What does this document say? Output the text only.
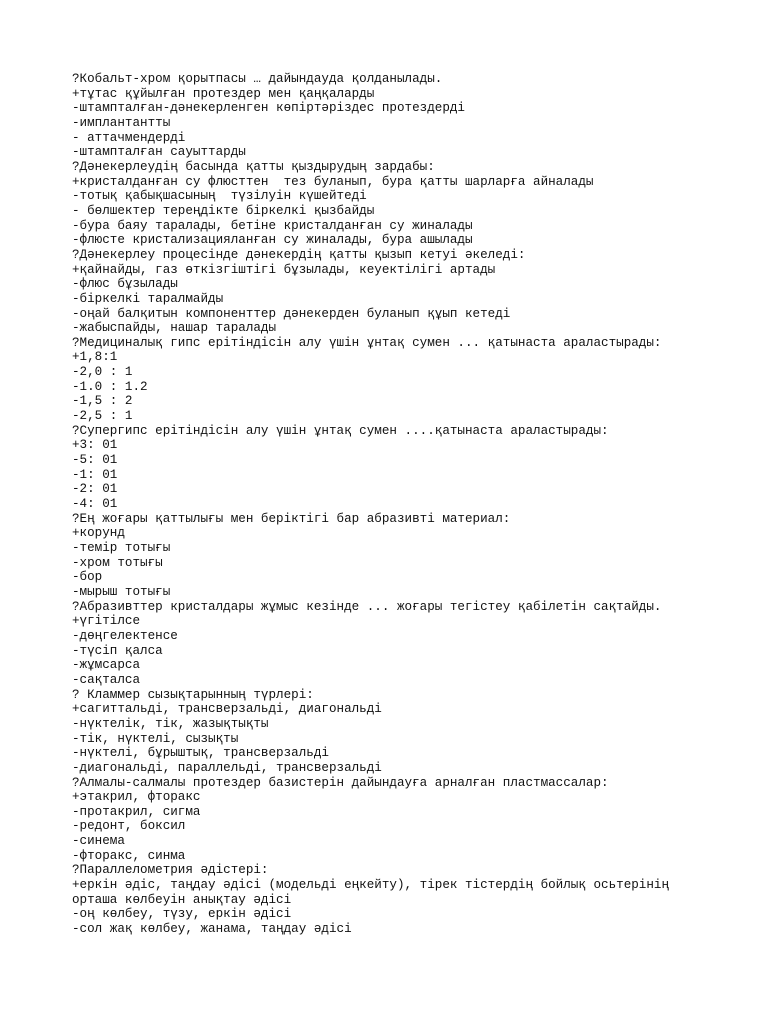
?Кобальт-хром қорытпасы … дайындауда қолданылады.
+тұтас құйылған протездер мен қаңқаларды
-штампталған-дәнекерленген көпіртәріздес протездерді
-имплантантты
- аттачмендерді
-штампталған сауыттарды
?Дәнекерлеудің басында қатты қыздырудың зардабы:
+кристалданған су флюсттен  тез буланып, бура қатты шарларға айналады
-тотық қабықшасының  түзілуін күшейтеді
- бөлшектер тереңдікте біркелкі қызбайды
-бура баяу таралады, бетіне кристалданған су жиналады
-флюсте кристализацияланған су жиналады, бура ашылады
?Дәнекерлеу процесінде дәнекердің қатты қызып кетуі әкеледі:
+қайнайды, газ өткізгіштігі бұзылады, кеуектілігі артады
-флюс бұзылады
-біркелкі таралмайды
-оңай балқитын компоненттер дәнекерден буланып құып кетеді
-жабыспайды, нашар таралады
?Медициналық гипс ерітіндісін алу үшін ұнтақ сумен ... қатынаста араластырады:
+1,8:1
-2,0 : 1
-1.0 : 1.2
-1,5 : 2
-2,5 : 1
?Супергипс ерітіндісін алу үшін ұнтақ сумен ....қатынаста араластырады:
+3: 01
-5: 01
-1: 01
-2: 01
-4: 01
?Ең жоғары қаттылығы мен беріктігі бар абразивті материал:
+корунд
-темір тотығы
-хром тотығы
-бор
-мырыш тотығы
?Абразивттер кристалдары жұмыс кезінде ... жоғары тегістеу қабілетін сақтайды.
+үгітілсе
-дөңгелектенсе
-түсіп қалса
-жұмсарса
-сақталса
? Кламмер сызықтарынның түрлері:
+сагиттальді, трансверзальді, диагональді
-нүктелік, тік, жазықтықты
-тік, нүктелі, сызықты
-нүктелі, бұрыштық, трансверзальді
-диагональді, параллельді, трансверзальді
?Алмалы-салмалы протездер базистерін дайындауға арналған пластмассалар:
+этакрил, фторакс
-протакрил, сигма
-редонт, боксил
-синема
-фторакс, синма
?Параллелометрия әдістері:
+еркін әдіс, таңдау әдісі (модельді еңкейту), тірек тістердің бойлық осьтерінің орташа көлбеуін анықтау әдісі
-оң көлбеу, түзу, еркін әдісі
-сол жақ көлбеу, жанама, таңдау әдісі
